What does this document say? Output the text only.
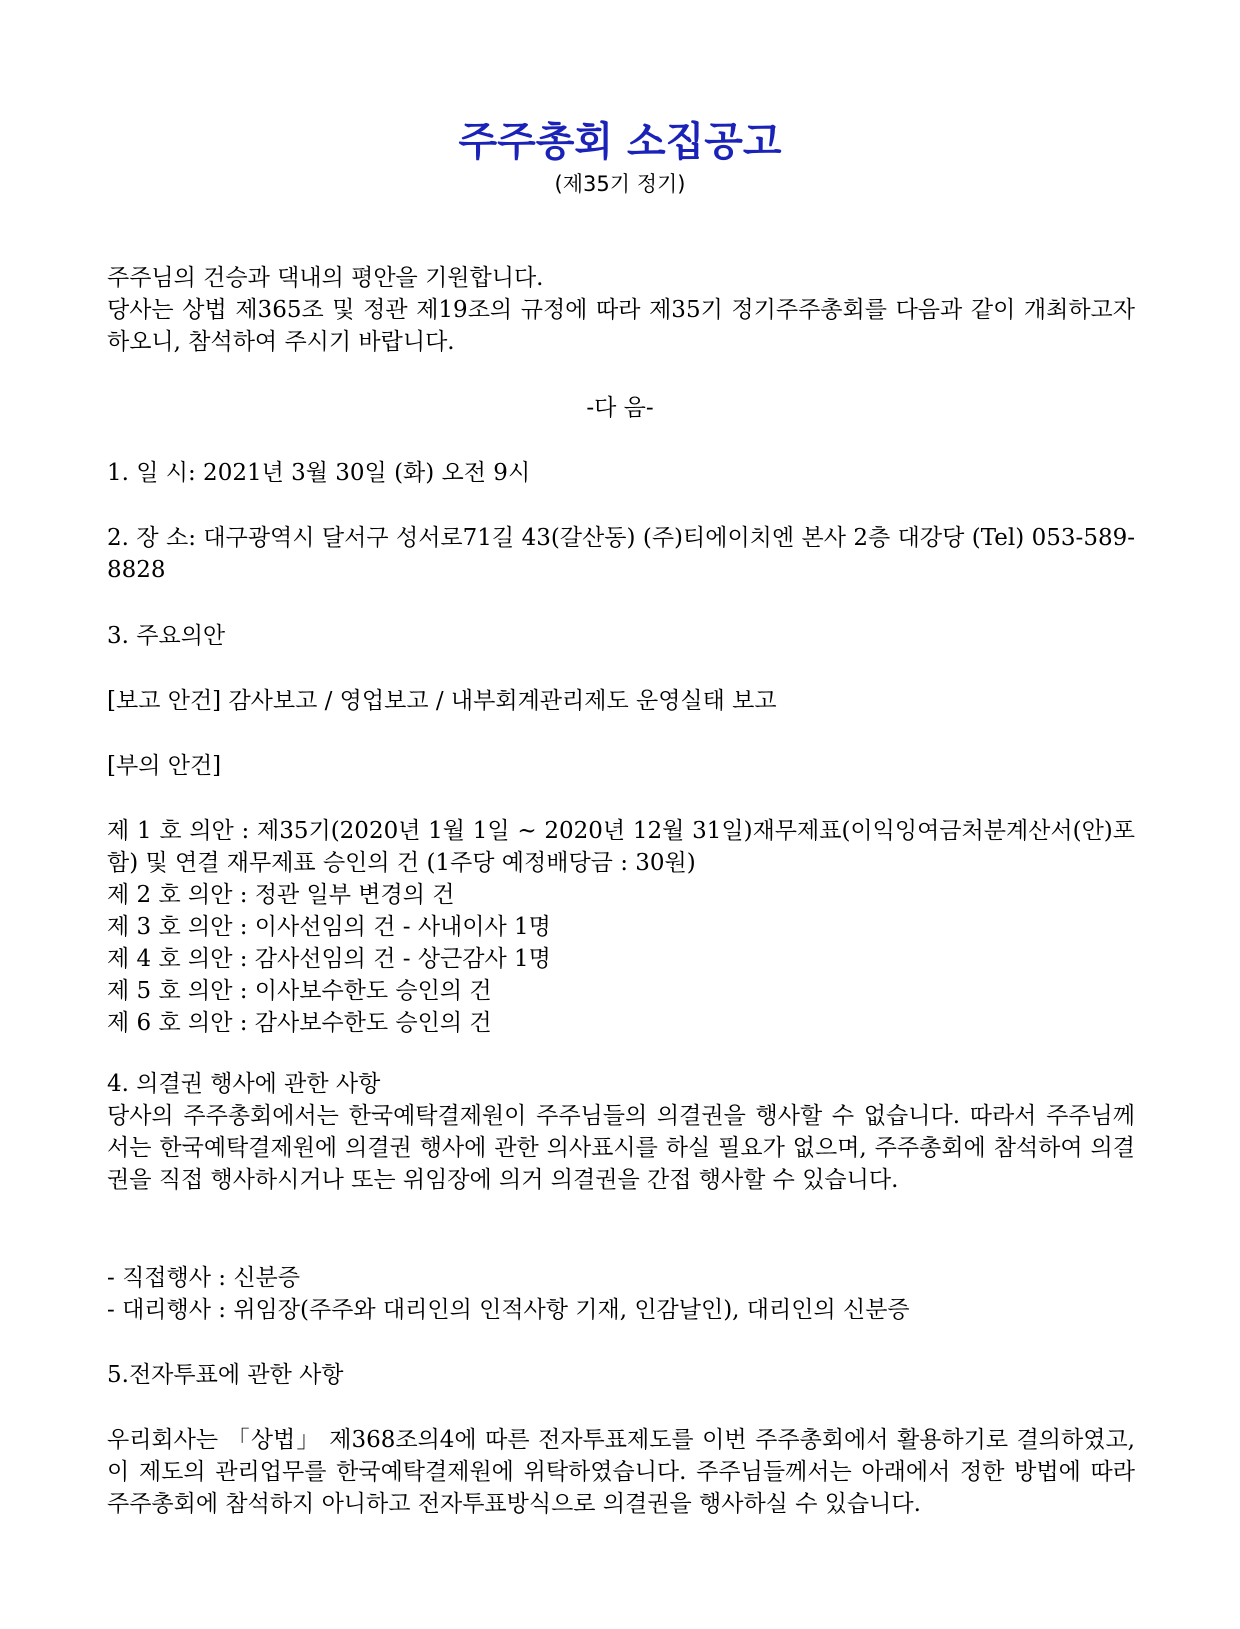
주주총회 소집공고
(제35기 정기)

주주님의 건승과 댁내의 평안을 기원합니다.

당사는 상법 제365조 및 정관 제19조의 규정에 따라 제35기 정기주주총회를 다음과 같이 개최하고자 하오니, 참석하여 주시기 바랍니다.

-다 음-

1. 일 시: 2021년 3월 30일 (화) 오전 9시

2. 장 소: 대구광역시 달서구 성서로71길 43(갈산동) (주)티에이치엔 본사 2층 대강당 (Tel) 053-589-8828

3. 주요의안

[보고 안건] 감사보고 / 영업보고 / 내부회계관리제도 운영실태 보고

[부의 안건]

제 1 호 의안 : 제35기(2020년 1월 1일 ~ 2020년 12월 31일)재무제표(이익잉여금처분계산서(안)포함) 및 연결 재무제표 승인의 건 (1주당 예정배당금 : 30원)
제 2 호 의안 : 정관 일부 변경의 건
제 3 호 의안 : 이사선임의 건 - 사내이사 1명
제 4 호 의안 : 감사선임의 건 - 상근감사 1명
제 5 호 의안 : 이사보수한도 승인의 건
제 6 호 의안 : 감사보수한도 승인의 건

4. 의결권 행사에 관한 사항

당사의 주주총회에서는 한국예탁결제원이 주주님들의 의결권을 행사할 수 없습니다. 따라서 주주님께서는 한국예탁결제원에 의결권 행사에 관한 의사표시를 하실 필요가 없으며, 주주총회에 참석하여 의결권을 직접 행사하시거나 또는 위임장에 의거 의결권을 간접 행사할 수 있습니다.

- 직접행사 : 신분증

- 대리행사 : 위임장(주주와 대리인의 인적사항 기재, 인감날인), 대리인의 신분증

5.전자투표에 관한 사항

우리회사는 「상법」 제368조의4에 따른 전자투표제도를 이번 주주총회에서 활용하기로 결의하였고, 이 제도의 관리업무를 한국예탁결제원에 위탁하였습니다. 주주님들께서는 아래에서 정한 방법에 따라 주주총회에 참석하지 아니하고 전자투표방식으로 의결권을 행사하실 수 있습니다.
